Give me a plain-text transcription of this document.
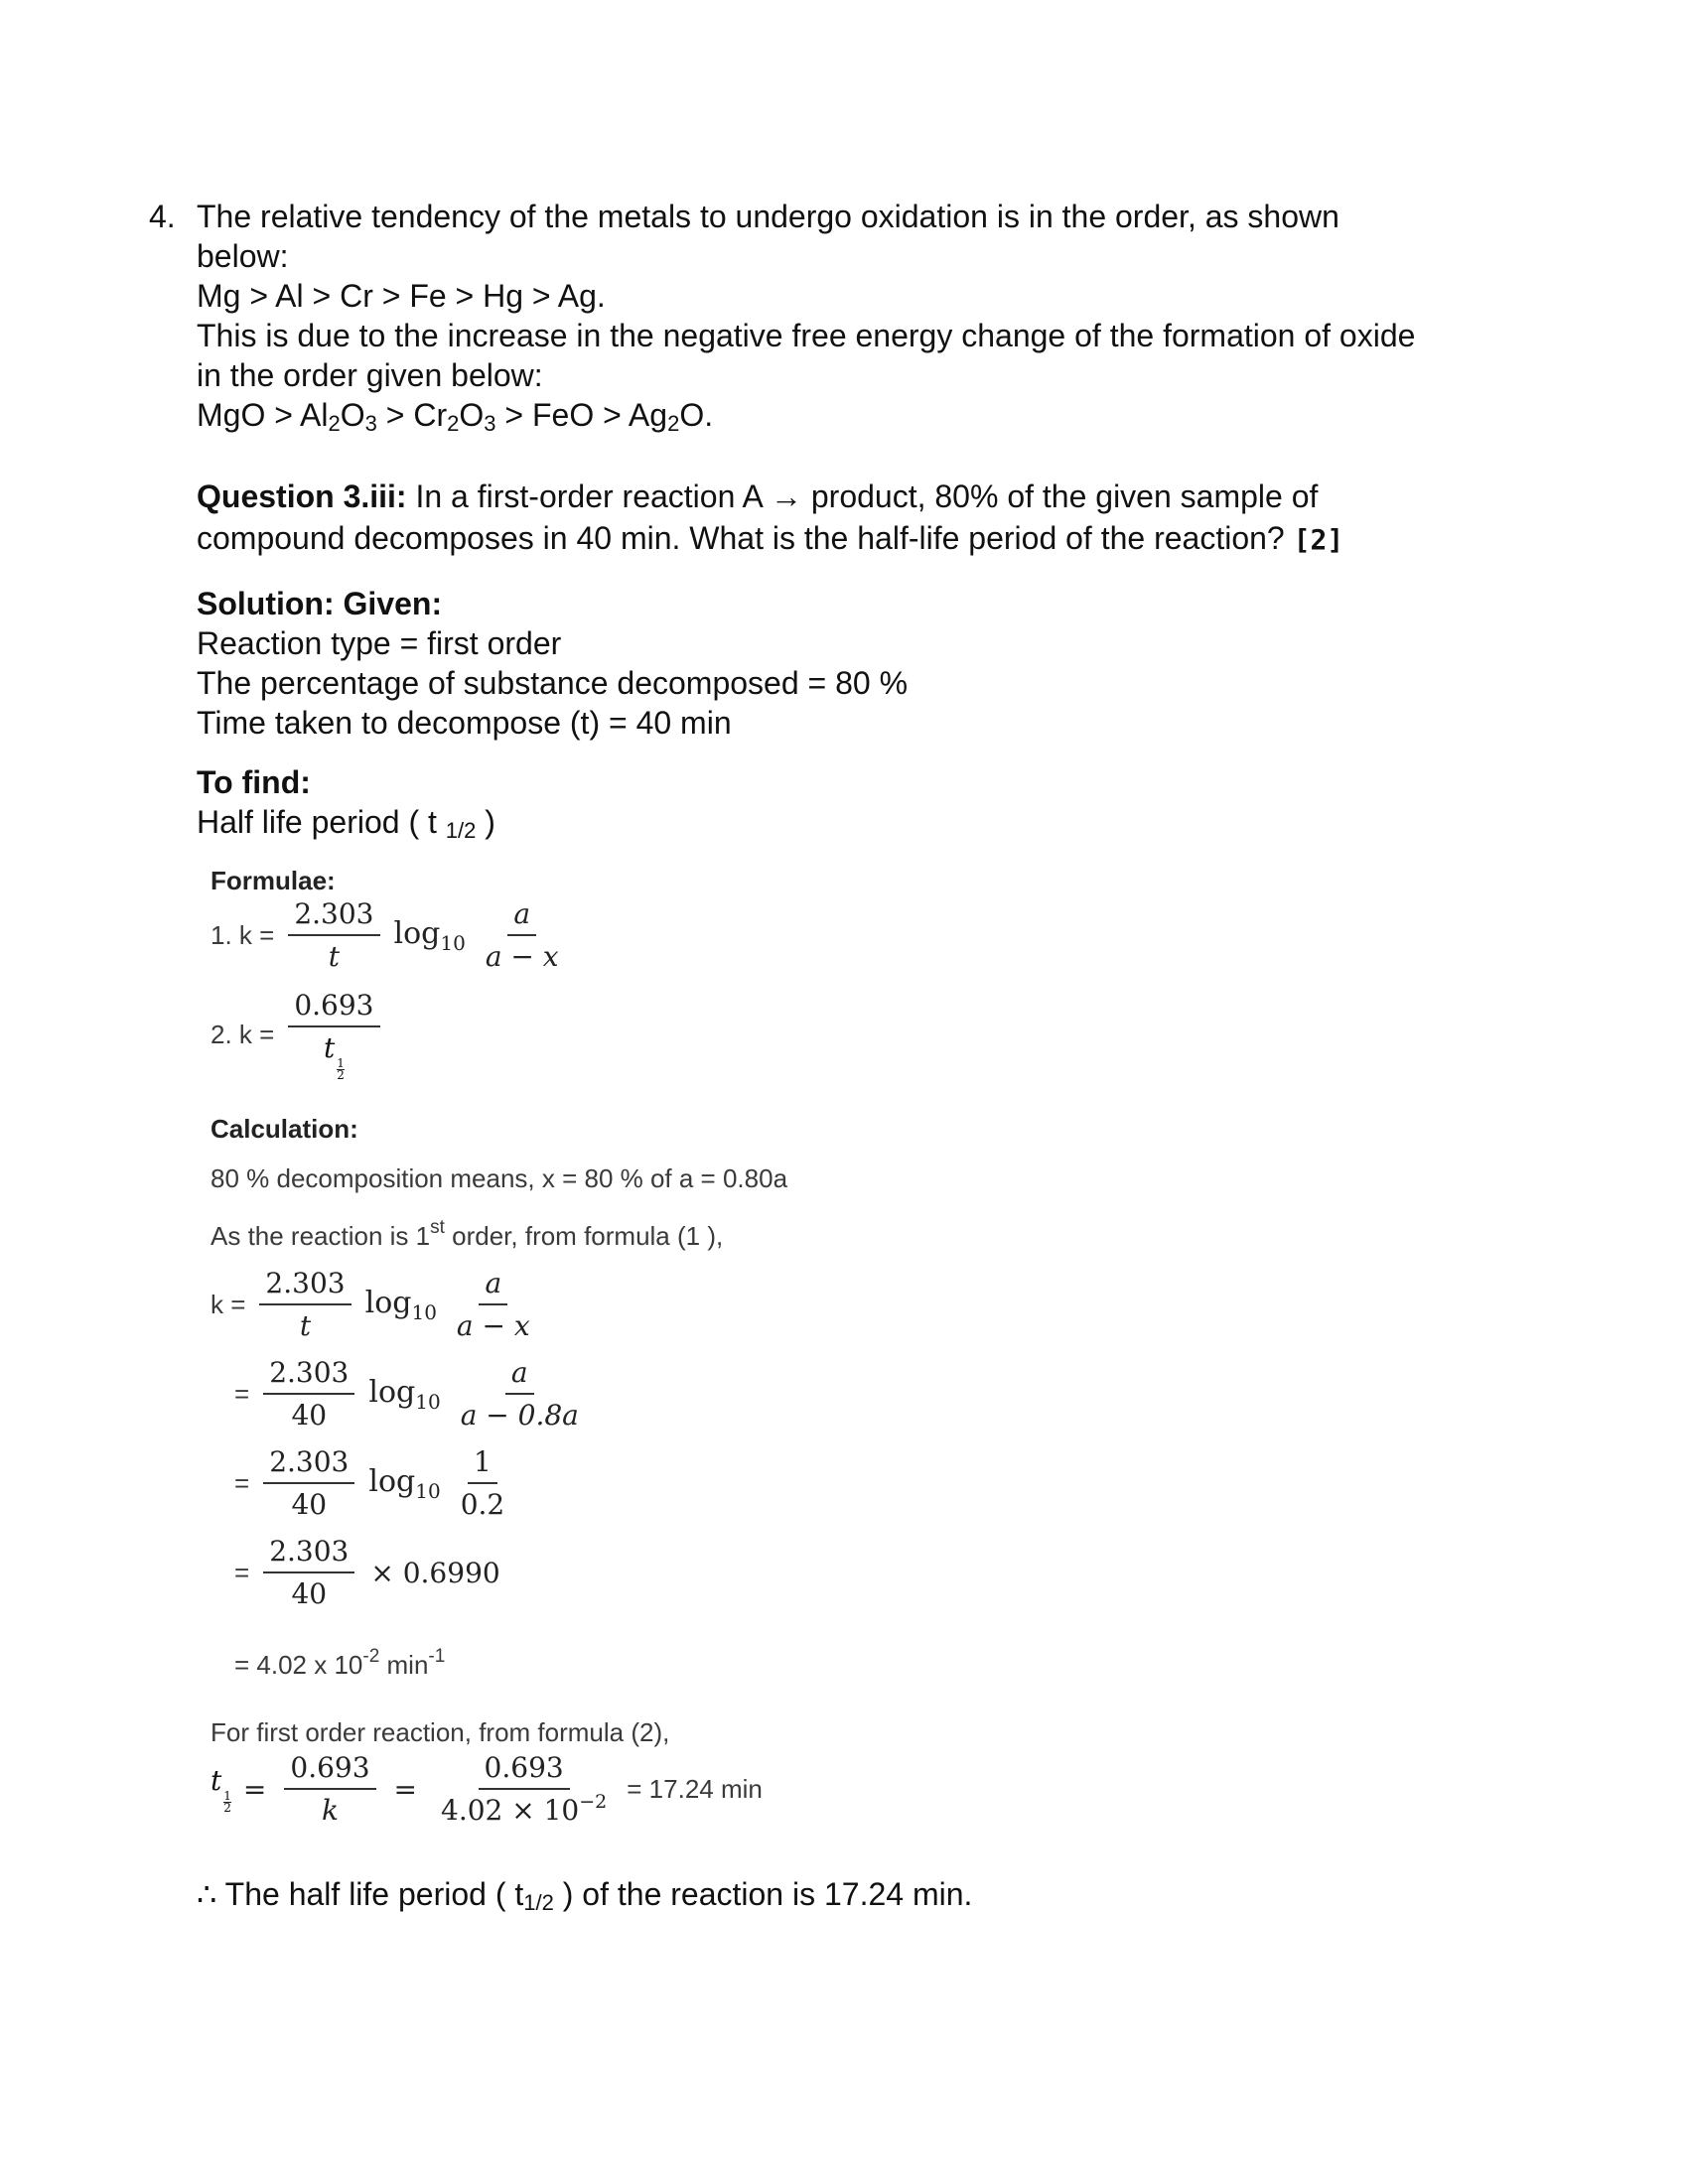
4. The relative tendency of the metals to undergo oxidation is in the order, as shown
below:
Mg > Al > Cr > Fe > Hg > Ag.
This is due to the increase in the negative free energy change of the formation of oxide
in the order given below:
MgO > $Al_2O_3 > Cr_2O_3$ > FeO > $Ag_2O$.
Question 3.iii: In a first-order reaction A → product, 80% of the given sample of
compound decomposes in 40 min. What is the half-life period of the reaction? [2]
Solution: Given:
Reaction type = first order
The percentage of substance decomposed = 80 %
Time taken to decompose (t) = 40 min
To find:
Half life period ( t $_{1/2}$ )
Formulae:
1. $k = \frac{2.303}{t} \log_{10} \frac{a}{a - x}$
2. k = 0.693
t
$\frac{1}{2}$
Calculation:
80 % decomposition means, x = 80 % of a = 0.80a
As the reaction is 1st order, from formula (1 ),
$k = \frac{2.303}{t} \log_{10} \frac{a}{a - x}$
= $\frac{2.303}{40} \log_{10} \frac{a}{a - 0.8a}$
= $\frac{2.303}{40} \log_{10} \frac{1}{0.2}$
= $\frac{2.303}{40} \times 0.6990$
= 4.02 x $10^{-2}$ $\min^{-1}$
For first order reaction, from formula (2),
t
$\frac{1}{2} = \frac{0.693}{k} = \frac{0.693}{4.02 \times 10^{-2}} = 17.24$ min
∴ The half life period ( $t_{1/2}$ ) of the reaction is 17.24 min.
